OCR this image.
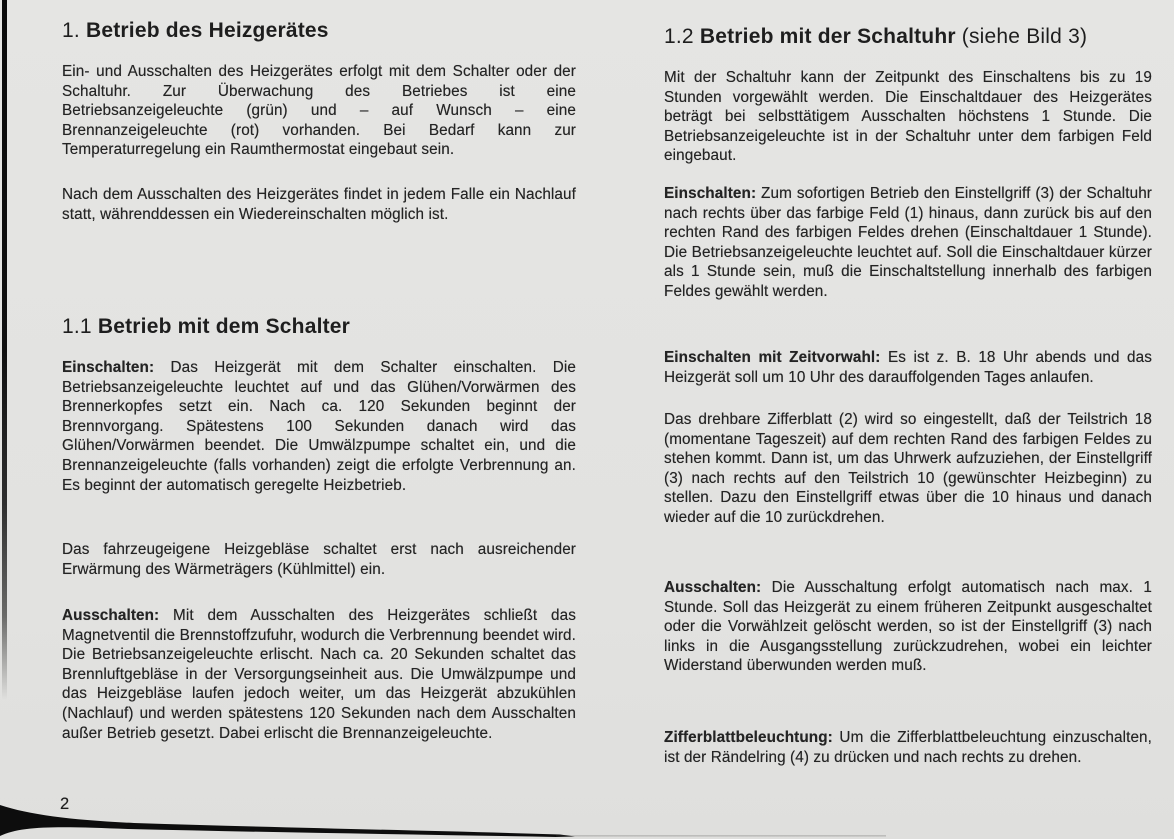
1. Betrieb des Heizgerätes

Ein- und Ausschalten des Heizgerätes erfolgt mit dem Schalter oder der Schaltuhr. Zur Überwachung des Betriebes ist eine Betriebsanzeigeleuchte (grün) und – auf Wunsch – eine Brennanzeigeleuchte (rot) vorhanden. Bei Bedarf kann zur Temperaturregelung ein Raumthermostat eingebaut sein.

Nach dem Ausschalten des Heizgerätes findet in jedem Falle ein Nachlauf statt, währenddessen ein Wiedereinschalten möglich ist.

1.1 Betrieb mit dem Schalter

Einschalten: Das Heizgerät mit dem Schalter einschalten. Die Betriebsanzeigeleuchte leuchtet auf und das Glühen/Vorwärmen des Brennerkopfes setzt ein. Nach ca. 120 Sekunden beginnt der Brennvorgang. Spätestens 100 Sekunden danach wird das Glühen/Vorwärmen beendet. Die Umwälzpumpe schaltet ein, und die Brennanzeigeleuchte (falls vorhanden) zeigt die erfolgte Verbrennung an. Es beginnt der automatisch geregelte Heizbetrieb.

Das fahrzeugeigene Heizgebläse schaltet erst nach ausreichender Erwärmung des Wärmeträgers (Kühlmittel) ein.

Ausschalten: Mit dem Ausschalten des Heizgerätes schließt das Magnetventil die Brennstoffzufuhr, wodurch die Verbrennung beendet wird. Die Betriebsanzeigeleuchte erlischt. Nach ca. 20 Sekunden schaltet das Brennluftgebläse in der Versorgungseinheit aus. Die Umwälzpumpe und das Heizgebläse laufen jedoch weiter, um das Heizgerät abzukühlen (Nachlauf) und werden spätestens 120 Sekunden nach dem Ausschalten außer Betrieb gesetzt. Dabei erlischt die Brennanzeigeleuchte.

1.2 Betrieb mit der Schaltuhr (siehe Bild 3)

Mit der Schaltuhr kann der Zeitpunkt des Einschaltens bis zu 19 Stunden vorgewählt werden. Die Einschaltdauer des Heizgerätes beträgt bei selbsttätigem Ausschalten höchstens 1 Stunde. Die Betriebsanzeigeleuchte ist in der Schaltuhr unter dem farbigen Feld eingebaut.

Einschalten: Zum sofortigen Betrieb den Einstellgriff (3) der Schaltuhr nach rechts über das farbige Feld (1) hinaus, dann zurück bis auf den rechten Rand des farbigen Feldes drehen (Einschaltdauer 1 Stunde). Die Betriebsanzeigeleuchte leuchtet auf. Soll die Einschaltdauer kürzer als 1 Stunde sein, muß die Einschaltstellung innerhalb des farbigen Feldes gewählt werden.

Einschalten mit Zeitvorwahl: Es ist z. B. 18 Uhr abends und das Heizgerät soll um 10 Uhr des darauffolgenden Tages anlaufen.

Das drehbare Zifferblatt (2) wird so eingestellt, daß der Teilstrich 18 (momentane Tageszeit) auf dem rechten Rand des farbigen Feldes zu stehen kommt. Dann ist, um das Uhrwerk aufzuziehen, der Einstellgriff (3) nach rechts auf den Teilstrich 10 (gewünschter Heizbeginn) zu stellen. Dazu den Einstellgriff etwas über die 10 hinaus und danach wieder auf die 10 zurückdrehen.

Ausschalten: Die Ausschaltung erfolgt automatisch nach max. 1 Stunde. Soll das Heizgerät zu einem früheren Zeitpunkt ausgeschaltet oder die Vorwählzeit gelöscht werden, so ist der Einstellgriff (3) nach links in die Ausgangsstellung zurückzudrehen, wobei ein leichter Widerstand überwunden werden muß.

Zifferblattbeleuchtung: Um die Zifferblattbeleuchtung einzuschalten, ist der Rändelring (4) zu drücken und nach rechts zu drehen.

2
